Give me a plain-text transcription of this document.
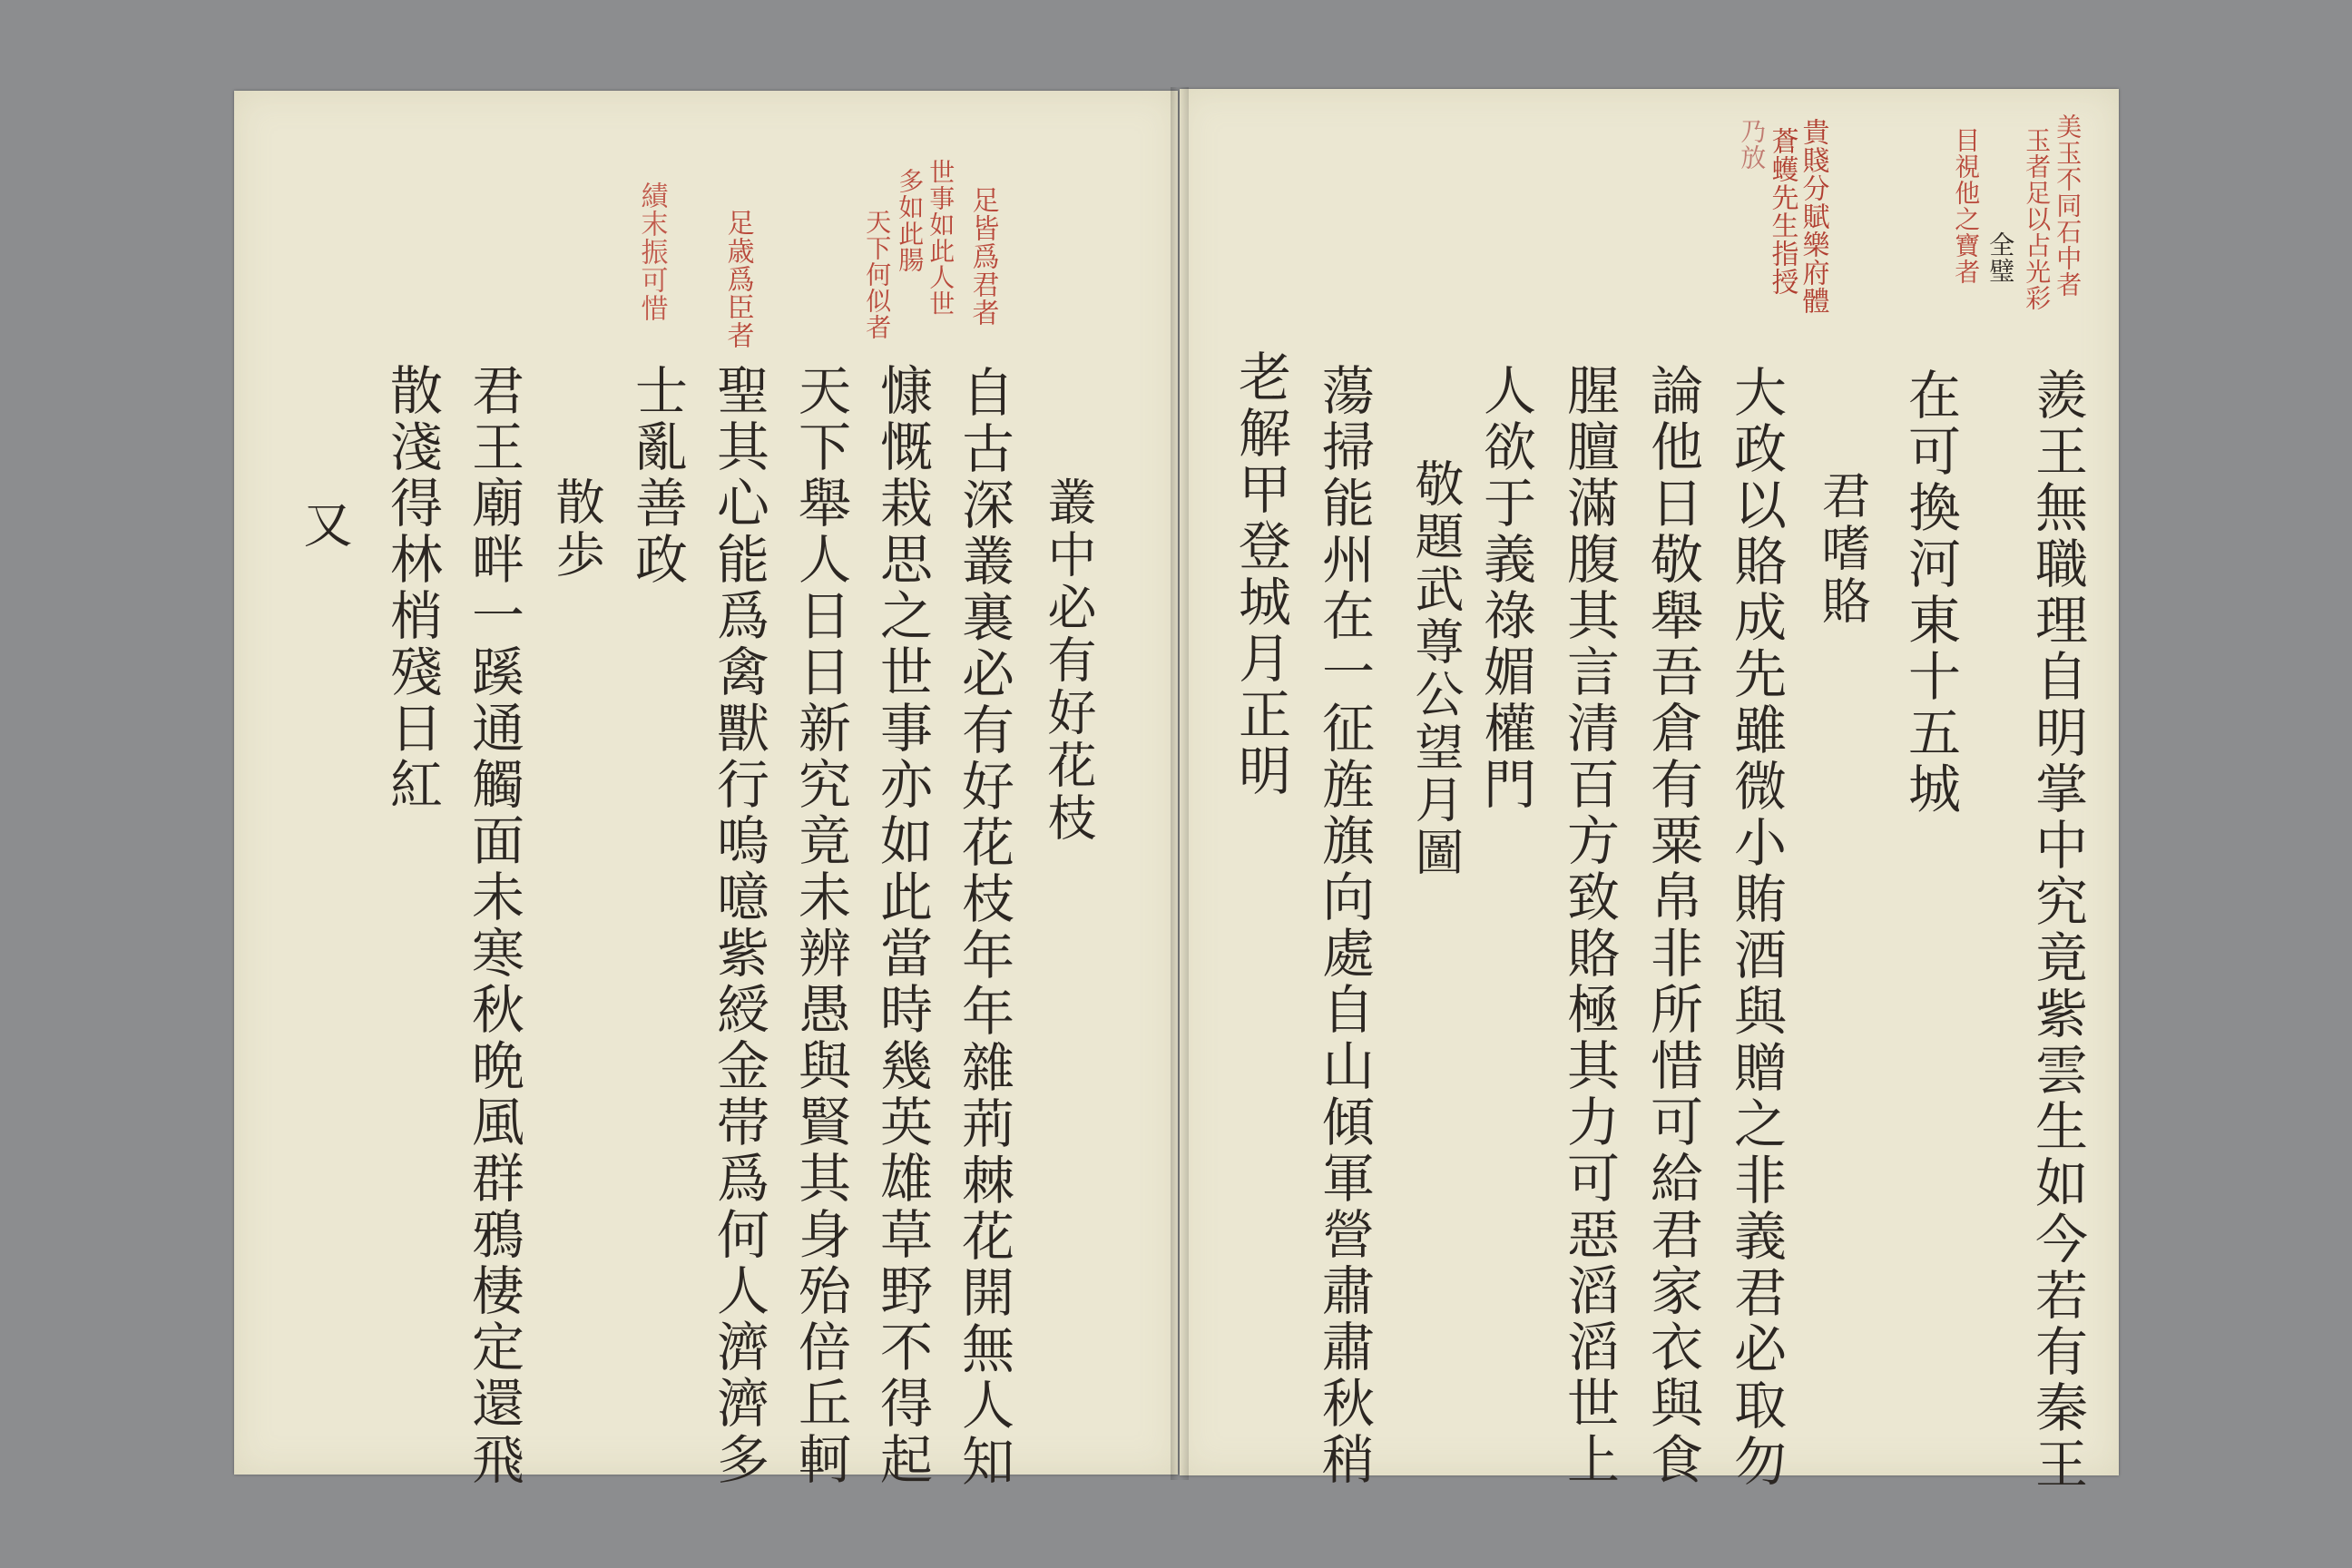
羨王無職理自明掌中究竟紫雲生如今若有秦王
在可換河東十五城
君嗜賂
大政以賂成先雖微小賄酒與贈之非義君必取勿
論他日敬舉吾倉有粟帛非所惜可給君家衣與食
腥膻滿腹其言清百方致賂極其力可惡滔滔世上
人欲于義祿媚權門
敬題武尊公望月圖
蕩掃能州在一征旌旗向處自山傾軍營肅肅秋稍
老解甲登城月正明
美玉不同石中者
玉者足以占光彩
全璧
目視他之寶者
貴賤分賦樂府體
蒼蠖先生指授
乃放
叢中必有好花枝
自古深叢裏必有好花枝年年雜荊棘花開無人知
慷慨栽思之世事亦如此當時幾英雄草野不得起
天下舉人日日新究竟未辨愚與賢其身殆倍丘軻
聖其心能爲禽獸行嗚噫紫綬金帯爲何人濟濟多
士亂善政
散歩
君王廟畔一蹊通觸面未寒秋晩風群鴉棲定還飛
散淺得林梢殘日紅
又
足皆爲君者
世事如此人世
多如此腸
天下何似者
足歳爲臣者
績末振可惜
